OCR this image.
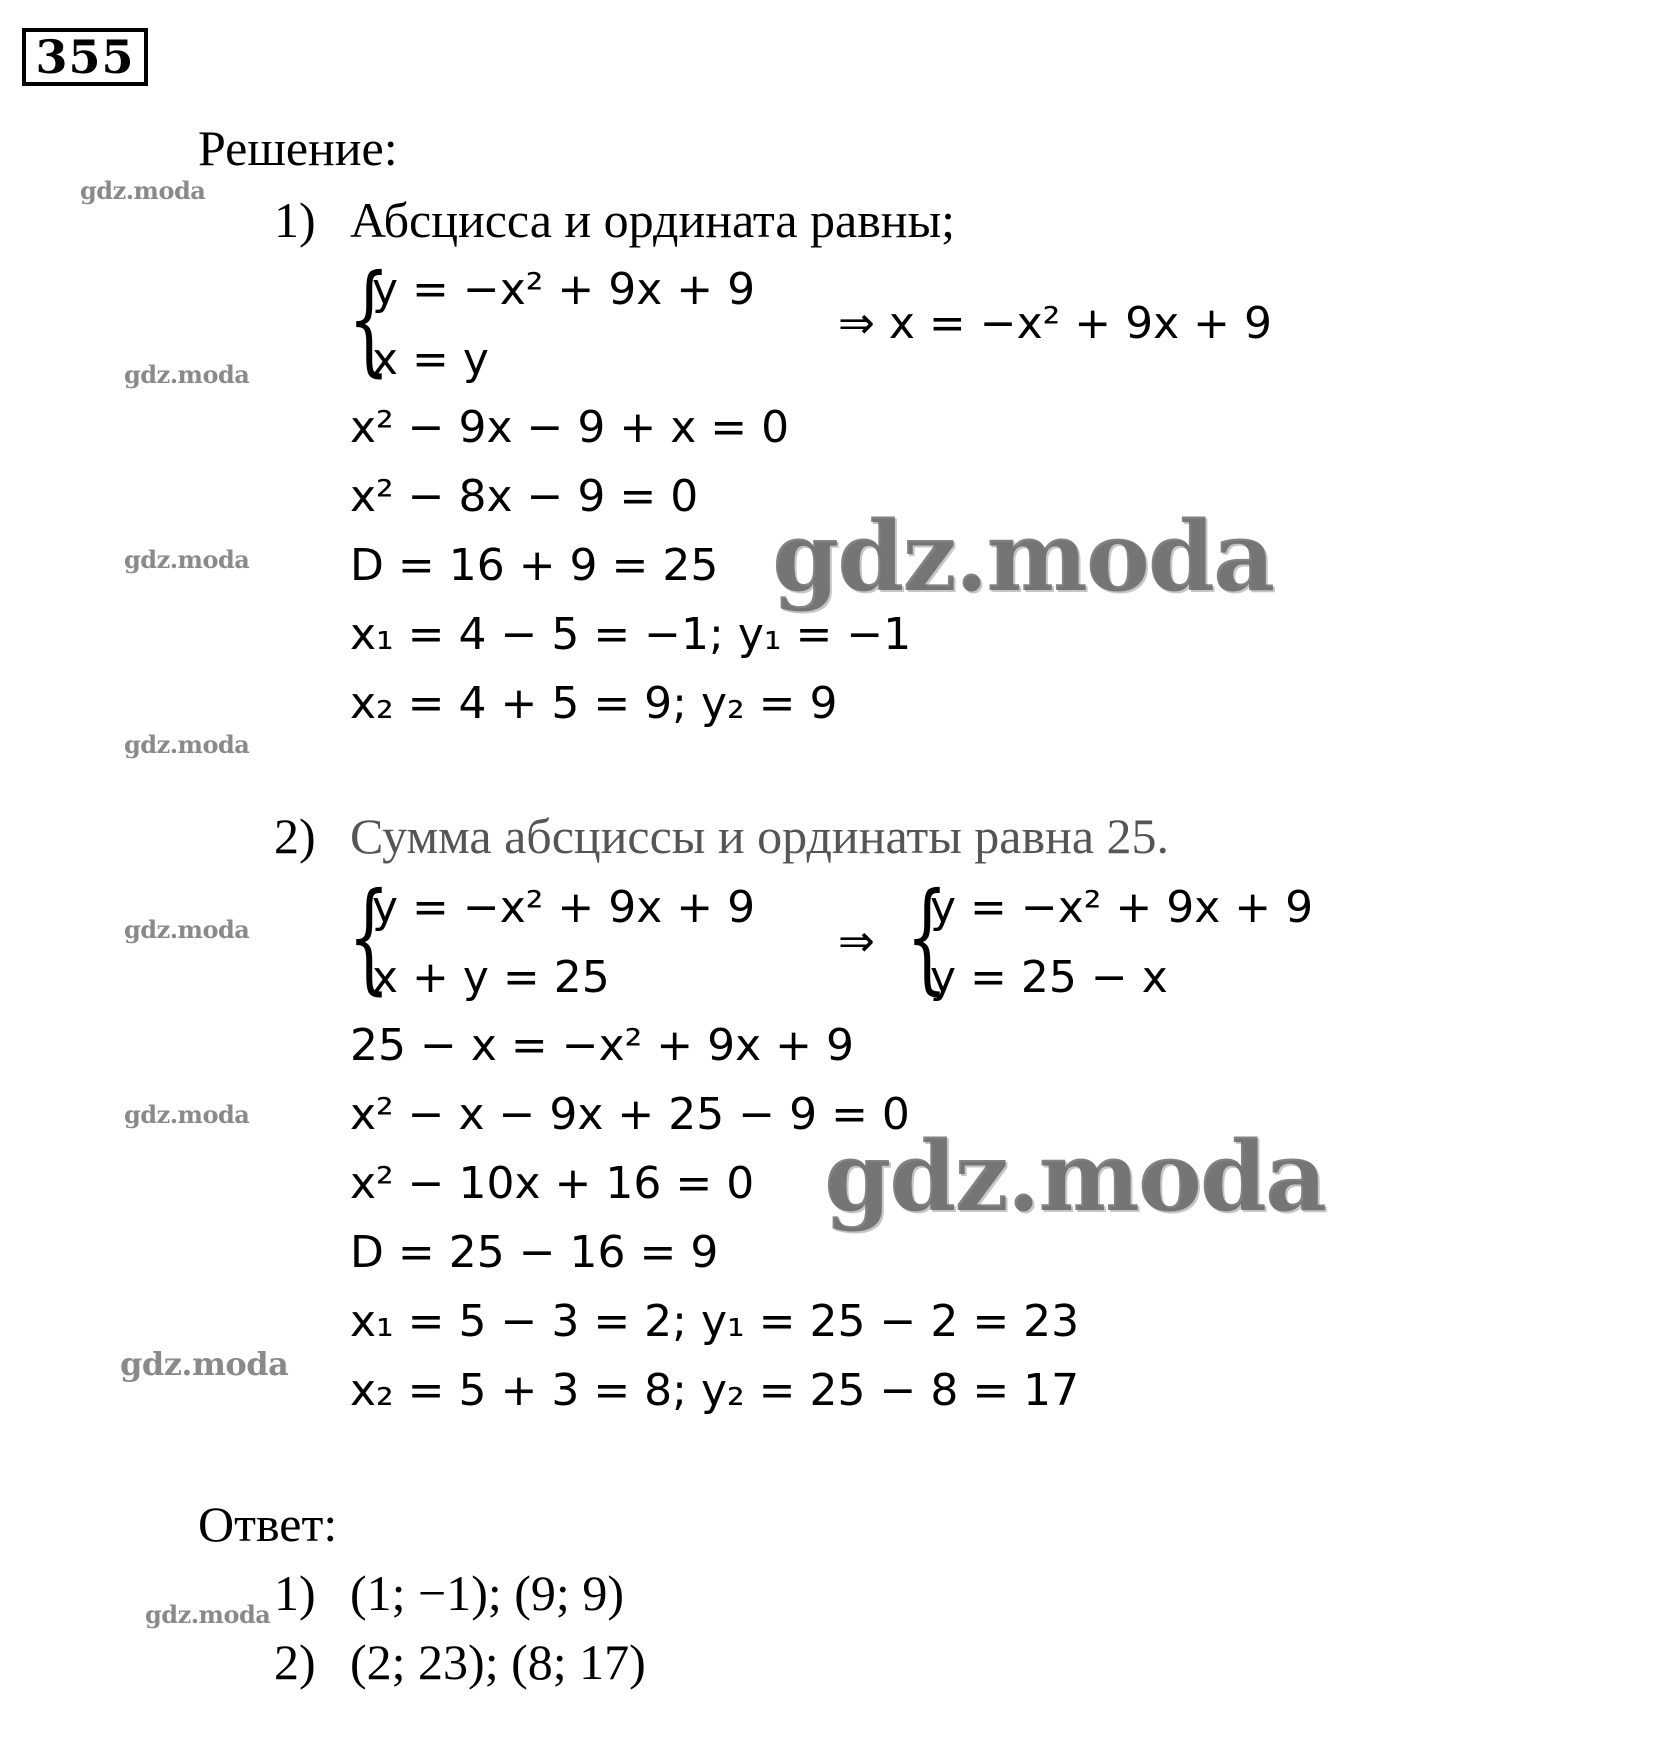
355
Решение:
gdz.moda
gdz.moda
gdz.moda
gdz.moda
gdz.moda
gdz.moda
gdz.moda
gdz.moda
1) Абсцисса и ордината равны;
{
y = −x² + 9x + 9
x = y
⇒ x = −x² + 9x + 9
x² − 9x − 9 + x = 0
x² − 8x − 9 = 0
D = 16 + 9 = 25 gdz.moda
x₁ = 4 − 5 = −1; y₁ = −1
x₂ = 4 + 5 = 9; y₂ = 9
2) Сумма абсциссы и ординаты равна 25.
{
y = −x² + 9x + 9
x + y = 25
⇒ {
y = −x² + 9x + 9
y = 25 − x
25 − x = −x² + 9x + 9
x² − x − 9x + 25 − 9 = 0
x² − 10x + 16 = 0 gdz.moda
D = 25 − 16 = 9
x₁ = 5 − 3 = 2; y₁ = 25 − 2 = 23
x₂ = 5 + 3 = 8; y₂ = 25 − 8 = 17
Ответ:
1) (1; −1); (9; 9)
2) (2; 23); (8; 17)
